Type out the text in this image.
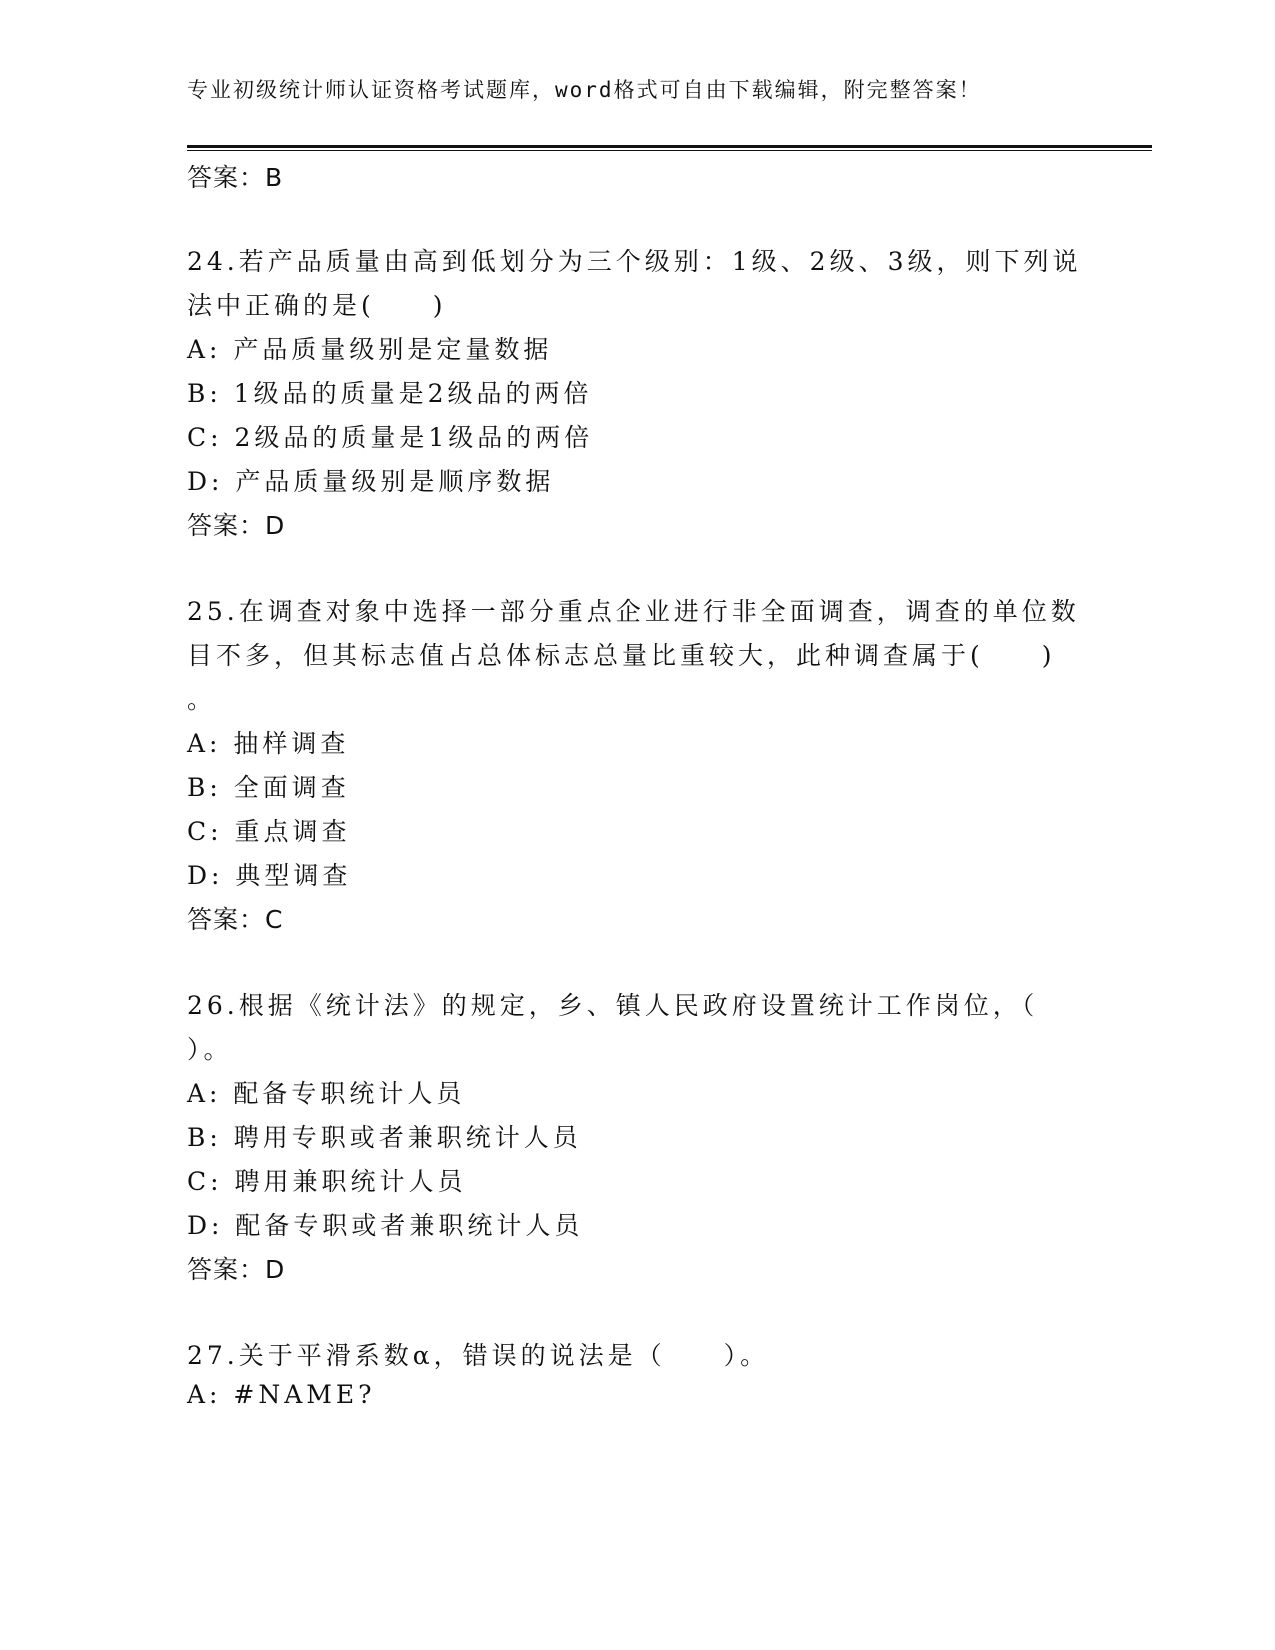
专业初级统计师认证资格考试题库，word格式可自由下载编辑，附完整答案！
答案：B
24.若产品质量由高到低划分为三个级别：1级、2级、3级，则下列说
法中正确的是(　　)
A: 产品质量级别是定量数据
B: 1级品的质量是2级品的两倍
C: 2级品的质量是1级品的两倍
D: 产品质量级别是顺序数据
答案：D
25.在调查对象中选择一部分重点企业进行非全面调查，调查的单位数
目不多，但其标志值占总体标志总量比重较大，此种调查属于(　　)
。
A: 抽样调查
B: 全面调查
C: 重点调查
D: 典型调查
答案：C
26.根据《统计法》的规定，乡、镇人民政府设置统计工作岗位，（
）。
A: 配备专职统计人员
B: 聘用专职或者兼职统计人员
C: 聘用兼职统计人员
D: 配备专职或者兼职统计人员
答案：D
27.关于平滑系数α，错误的说法是（　　）。
A: #NAME?
